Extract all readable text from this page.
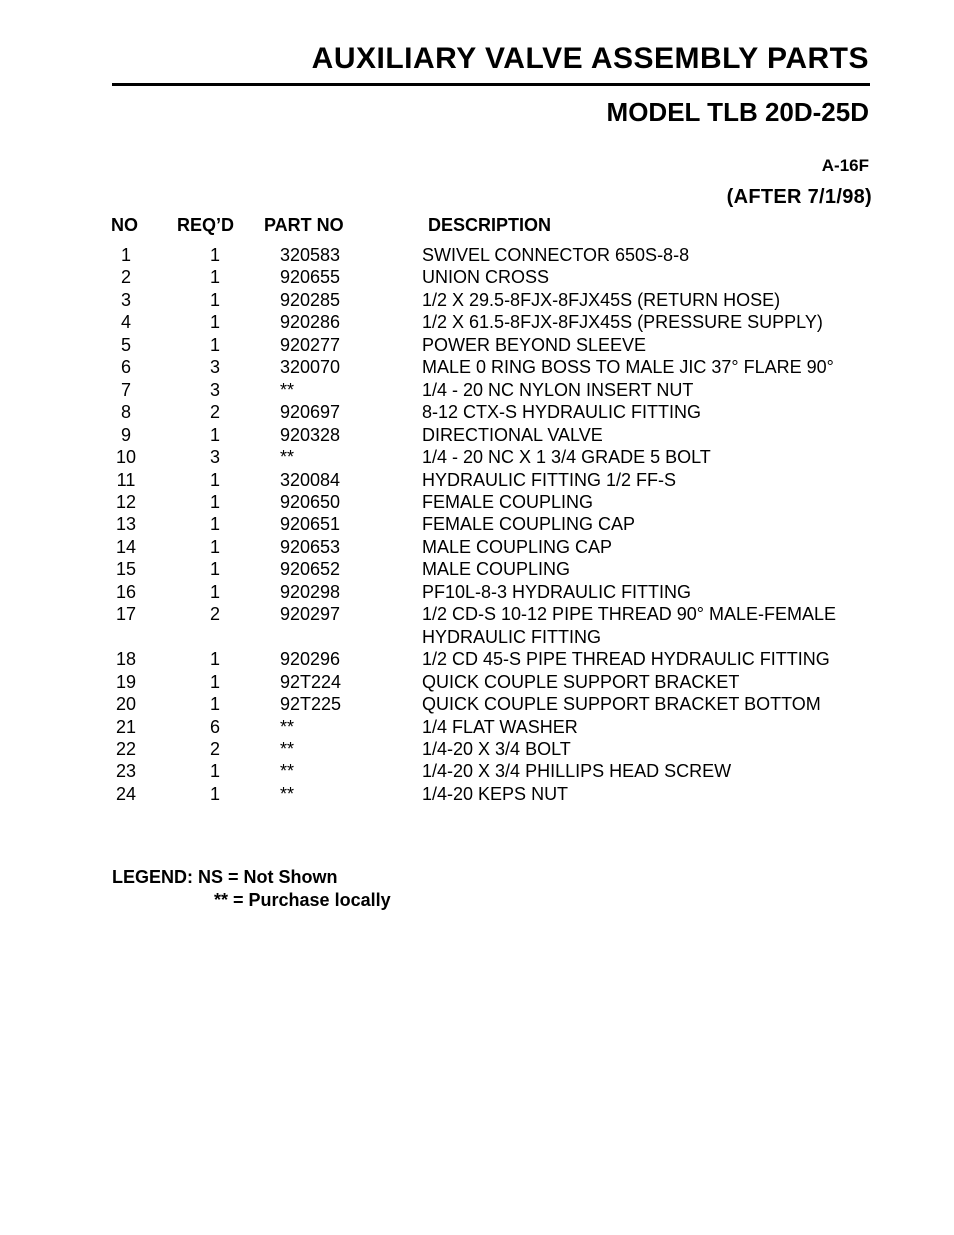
AUXILIARY VALVE ASSEMBLY PARTS
MODEL TLB 20D-25D
A-16F
(AFTER 7/1/98)
NO REQ’D PART NO	DESCRIPTION
1	1	320583	SWIVEL CONNECTOR 650S-8-8
2	1	920655	UNION CROSS
3	1	920285	1/2 X 29.5-8FJX-8FJX45S (RETURN HOSE)
4	1	920286	1/2 X 61.5-8FJX-8FJX45S (PRESSURE SUPPLY)
5	1	920277	POWER BEYOND SLEEVE
6	3	320070	MALE 0 RING BOSS TO MALE JIC 37° FLARE 90°
7	3	**	1/4 - 20 NC NYLON INSERT NUT
8	2	920697	8-12 CTX-S HYDRAULIC FITTING
9	1	920328	DIRECTIONAL VALVE
10	3	**	1/4 - 20 NC X 1 3/4 GRADE 5 BOLT
11	1	320084	HYDRAULIC FITTING 1/2 FF-S
12	1	920650	FEMALE COUPLING
13	1	920651	FEMALE COUPLING CAP
14	1	920653	MALE COUPLING CAP
15	1	920652	MALE COUPLING
16	1	920298	PF10L-8-3 HYDRAULIC FITTING
17	2	920297	1/2 CD-S 10-12 PIPE THREAD 90° MALE-FEMALE HYDRAULIC FITTING
18	1	920296	1/2 CD 45-S PIPE THREAD HYDRAULIC FITTING
19	1	92T224	QUICK COUPLE SUPPORT BRACKET
20	1	92T225	QUICK COUPLE SUPPORT BRACKET BOTTOM
21	6	**	1/4 FLAT WASHER
22	2	**	1/4-20 X 3/4 BOLT
23	1	**	1/4-20 X 3/4 PHILLIPS HEAD SCREW
24	1	**	1/4-20 KEPS NUT
LEGEND: NS = Not Shown
** = Purchase locally
